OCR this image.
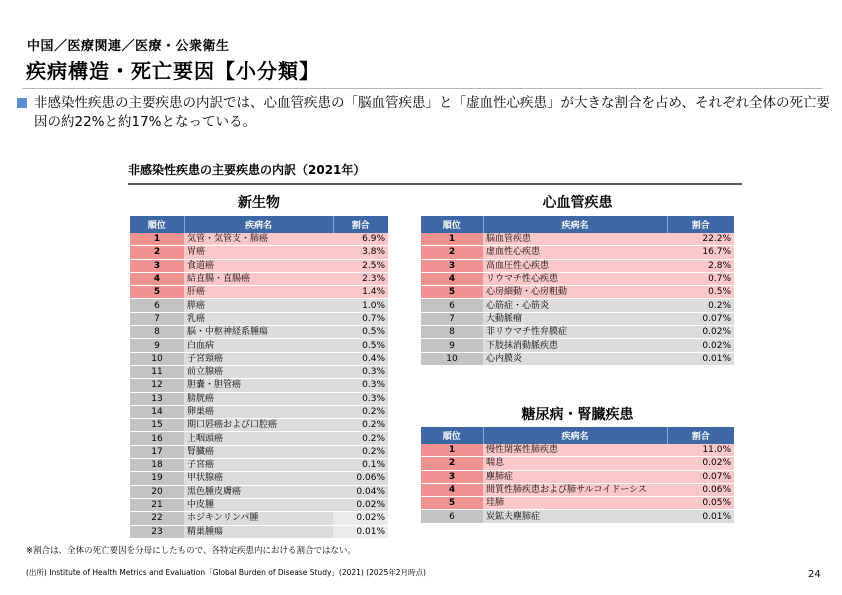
中国／医療関連／医療・公衆衛生
疾病構造・死亡要因【小分類】
非感染性疾患の主要疾患の内訳では、心血管疾患の「脳血管疾患」と「虚血性心疾患」が大きな割合を占め、それぞれ全体の死亡要因の約22%と約17%となっている。
非感染性疾患の主要疾患の内訳（2021年）
新生物
順位	疾病名	割合
1	気管・気管支・肺癌	6.9%
2	胃癌	3.8%
3	食道癌	2.5%
4	結直腸・直腸癌	2.3%
5	肝癌	1.4%
6	膵癌	1.0%
7	乳癌	0.7%
8	脳・中枢神経系腫瘍	0.5%
9	白血病	0.5%
10	子宮頸癌	0.4%
11	前立腺癌	0.3%
12	胆嚢・胆管癌	0.3%
13	膀胱癌	0.3%
14	卵巣癌	0.2%
15	期口唇癌および口腔癌	0.2%
16	上咽頭癌	0.2%
17	腎臓癌	0.2%
18	子宮癌	0.1%
19	甲状腺癌	0.06%
20	黒色腫皮膚癌	0.04%
21	中皮腫	0.02%
22	ホジキンリンパ腫	0.02%
23	精巣腫瘍	0.01%
心血管疾患
順位	疾病名	割合
1	脳血管疾患	22.2%
2	虚血性心疾患	16.7%
3	高血圧性心疾患	2.8%
4	リウマチ性心疾患	0.7%
5	心房細動・心房粗動	0.5%
6	心筋症・心筋炎	0.2%
7	大動脈瘤	0.07%
8	非リウマチ性弁膜症	0.02%
9	下肢抹消動脈疾患	0.02%
10	心内膜炎	0.01%
糖尿病・腎臓疾患
順位	疾病名	割合
1	慢性閉塞性肺疾患	11.0%
2	喘息	0.02%
3	塵肺症	0.07%
4	間質性肺疾患および肺サルコイドーシス	0.06%
5	珪肺	0.05%
6	炭鉱夫塵肺症	0.01%
※割合は、全体の死亡要因を分母にしたもので、各特定疾患内における割合ではない。
(出所) Institute of Health Metrics and Evaluation「Global Burden of Disease Study」(2021) (2025年2月時点)	24
